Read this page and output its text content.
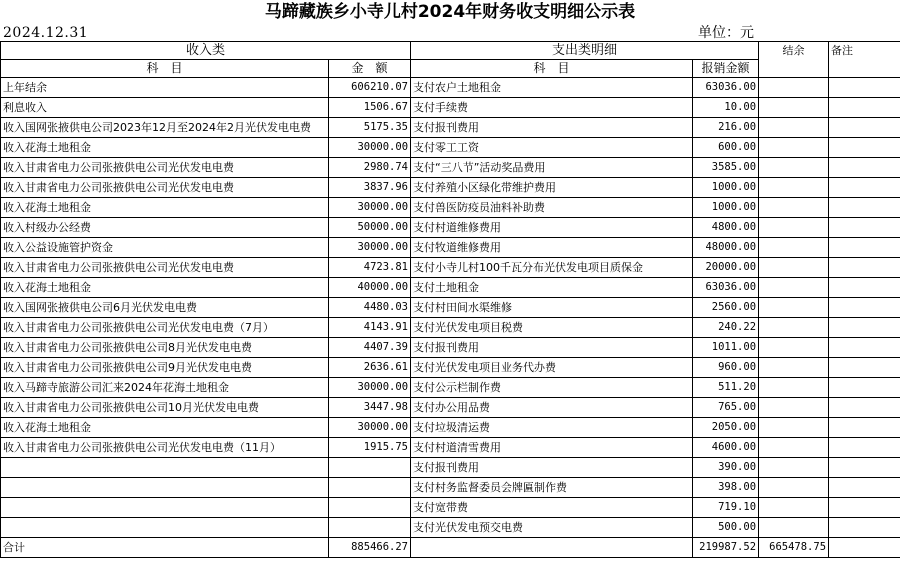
马蹄藏族乡小寺儿村2024年财务收支明细公示表
2024.12.31	单位：元
收入类		支出类明细		结余	备注
科　目	金　额	科　目	报销金额		
上年结余	606210.07	支付农户土地租金	63036.00		
利息收入	1506.67	支付手续费	10.00		
收入国网张掖供电公司2023年12月至2024年2月光伏发电电费	5175.35	支付报刊费用	216.00		
收入花海土地租金	30000.00	支付零工工资	600.00		
收入甘肃省电力公司张掖供电公司光伏发电电费	2980.74	支付“三八节”活动奖品费用	3585.00		
收入甘肃省电力公司张掖供电公司光伏发电电费	3837.96	支付养殖小区绿化带维护费用	1000.00		
收入花海土地租金	30000.00	支付兽医防疫员油料补助费	1000.00		
收入村级办公经费	50000.00	支付村道维修费用	4800.00		
收入公益设施管护资金	30000.00	支付牧道维修费用	48000.00		
收入甘肃省电力公司张掖供电公司光伏发电电费	4723.81	支付小寺儿村100千瓦分布光伏发电项目质保金	20000.00		
收入花海土地租金	40000.00	支付土地租金	63036.00		
收入国网张掖供电公司6月光伏发电电费	4480.03	支付村田间水渠维修	2560.00		
收入甘肃省电力公司张掖供电公司光伏发电电费（7月）	4143.91	支付光伏发电项目税费	240.22		
收入甘肃省电力公司张掖供电公司8月光伏发电电费	4407.39	支付报刊费用	1011.00		
收入甘肃省电力公司张掖供电公司9月光伏发电电费	2636.61	支付光伏发电项目业务代办费	960.00		
收入马蹄寺旅游公司汇来2024年花海土地租金	30000.00	支付公示栏制作费	511.20		
收入甘肃省电力公司张掖供电公司10月光伏发电电费	3447.98	支付办公用品费	765.00		
收入花海土地租金	30000.00	支付垃圾清运费	2050.00		
收入甘肃省电力公司张掖供电公司光伏发电电费（11月）	1915.75	支付村道清雪费用	4600.00		
		支付报刊费用	390.00		
		支付村务监督委员会牌匾制作费	398.00		
		支付宽带费	719.10		
		支付光伏发电预交电费	500.00		
合计	885466.27		219987.52	665478.75	
